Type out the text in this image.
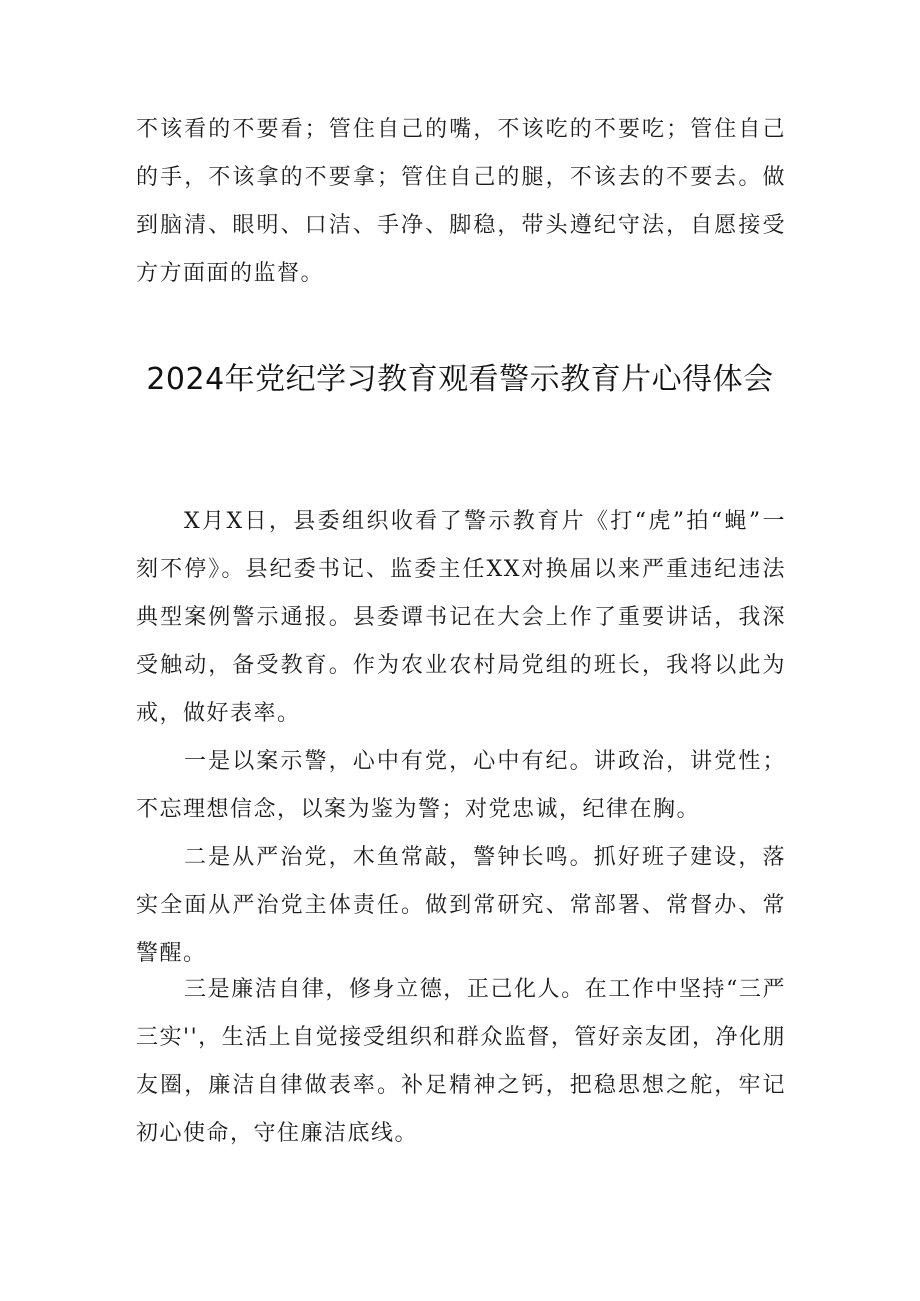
不该看的不要看；管住自己的嘴，不该吃的不要吃；管住自己的手，不该拿的不要拿；管住自己的腿，不该去的不要去。做到脑清、眼明、口洁、手净、脚稳，带头遵纪守法，自愿接受方方面面的监督。

2024年党纪学习教育观看警示教育片心得体会

X月X日，县委组织收看了警示教育片《打“虎”拍“蝇”一刻不停》。县纪委书记、监委主任XX对换届以来严重违纪违法典型案例警示通报。县委谭书记在大会上作了重要讲话，我深受触动，备受教育。作为农业农村局党组的班长，我将以此为戒，做好表率。

一是以案示警，心中有党，心中有纪。讲政治，讲党性；不忘理想信念，以案为鉴为警；对党忠诚，纪律在胸。

二是从严治党，木鱼常敲，警钟长鸣。抓好班子建设，落实全面从严治党主体责任。做到常研究、常部署、常督办、常警醒。

三是廉洁自律，修身立德，正己化人。在工作中坚持“三严三实''，生活上自觉接受组织和群众监督，管好亲友团，净化朋友圈，廉洁自律做表率。补足精神之钙，把稳思想之舵，牢记初心使命，守住廉洁底线。
